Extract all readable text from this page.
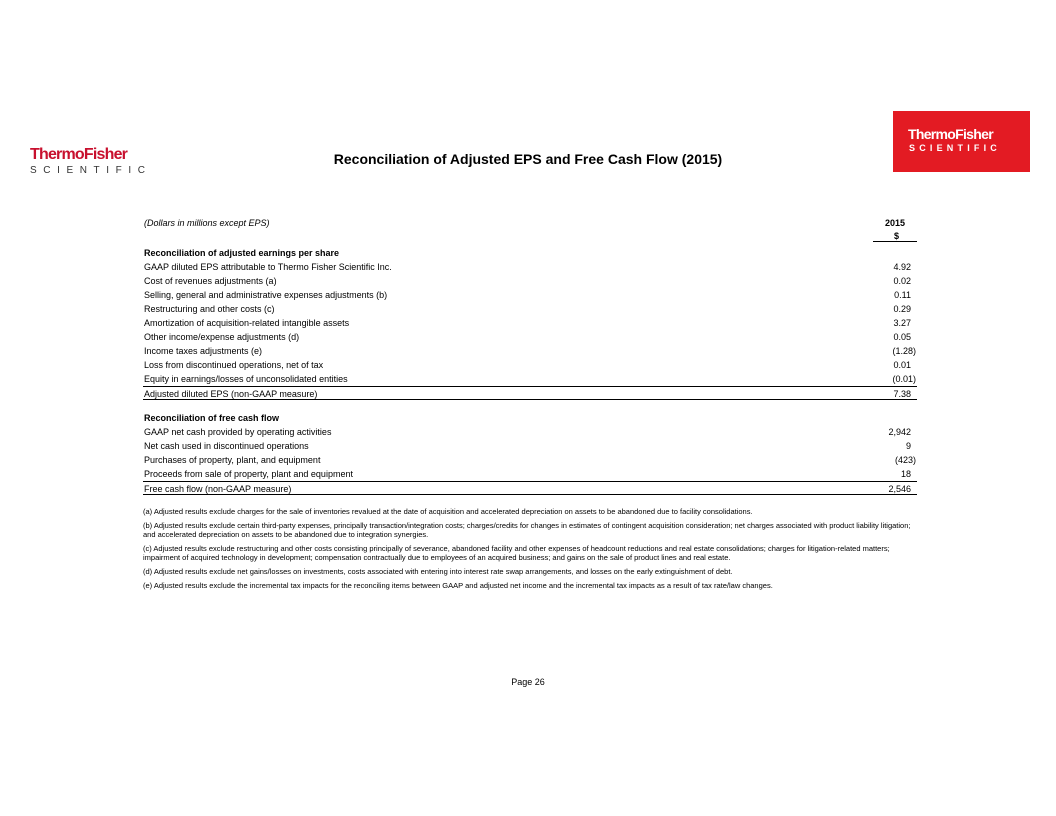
ThermoFisher
SCIENTIFIC
ThermoFisher
SCIENTIFIC
Reconciliation of Adjusted EPS and Free Cash Flow (2015)
(Dollars in millions except EPS)	2015
$
Reconciliation of adjusted earnings per share
GAAP diluted EPS attributable to Thermo Fisher Scientific Inc.	4.92
Cost of revenues adjustments (a)	0.02
Selling, general and administrative expenses adjustments (b)	0.11
Restructuring and other costs (c)	0.29
Amortization of acquisition-related intangible assets	3.27
Other income/expense adjustments (d)	0.05
Income taxes adjustments (e)	(1.28)
Loss from discontinued operations, net of tax	0.01
Equity in earnings/losses of unconsolidated entities	(0.01)
Adjusted diluted EPS (non-GAAP measure)	7.38
Reconciliation of free cash flow
GAAP net cash provided by operating activities	2,942
Net cash used in discontinued operations	9
Purchases of property, plant, and equipment	(423)
Proceeds from sale of property, plant and equipment	18
Free cash flow (non-GAAP measure)	2,546
(a) Adjusted results exclude charges for the sale of inventories revalued at the date of acquisition and accelerated depreciation on assets to be abandoned due to facility consolidations.
(b) Adjusted results exclude certain third-party expenses, principally transaction/integration costs; charges/credits for changes in estimates of contingent acquisition consideration; net charges associated with product liability litigation; and accelerated depreciation on assets to be abandoned due to integration synergies.
(c) Adjusted results exclude restructuring and other costs consisting principally of severance, abandoned facility and other expenses of headcount reductions and real estate consolidations; charges for litigation-related matters; impairment of acquired technology in development; compensation contractually due to employees of an acquired business; and gains on the sale of product lines and real estate.
(d) Adjusted results exclude net gains/losses on investments, costs associated with entering into interest rate swap arrangements, and losses on the early extinguishment of debt.
(e) Adjusted results exclude the incremental tax impacts for the reconciling items between GAAP and adjusted net income and the incremental tax impacts as a result of tax rate/law changes.
Page 26
